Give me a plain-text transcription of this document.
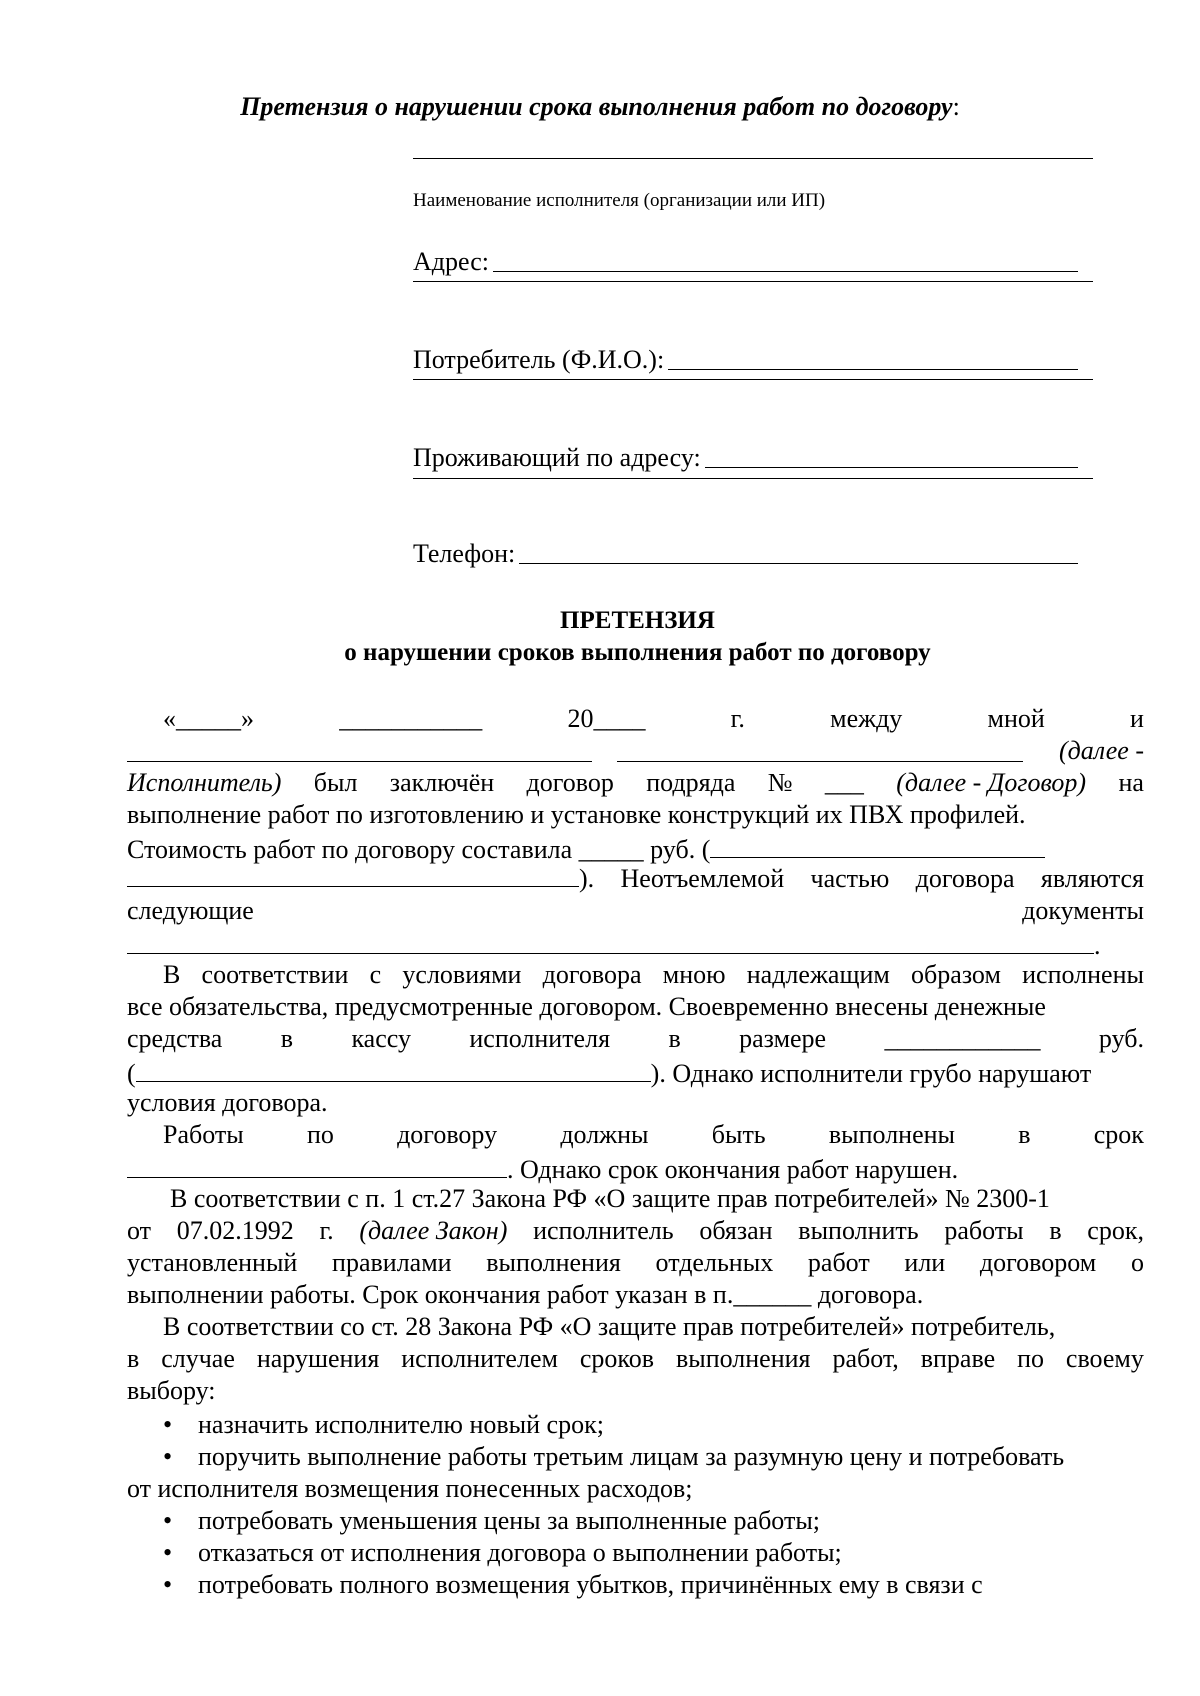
Претензия о нарушении срока выполнения работ по договору:
Наименование исполнителя (организации или ИП)
Адрес:
Потребитель (Ф.И.О.):
Проживающий по адресу:
Телефон:
ПРЕТЕНЗИЯ
о нарушении сроков выполнения работ по договору
«_____»	___________	20____	г.	между	мной	и

(далее -
Исполнитель) был заключён договор подряда № ___ (далее - Договор) на
выполнение работ по изготовлению и установке конструкций их ПВХ профилей.
Стоимость работ по договору составила _____ руб. (
). Неотъемлемой частью договора являются
следующие	документы
.
В соответствии с условиями договора мною надлежащим образом исполнены
все обязательства, предусмотренные договором. Своевременно внесены денежные
средства в кассу исполнителя в размере ____________ руб.
(	). Однако исполнители грубо нарушают
условия договора.
Работы по договору должны быть выполнены в срок
. Однако срок окончания работ нарушен.
В соответствии с п. 1 ст.27 Закона РФ «О защите прав потребителей» № 2300-1
от 07.02.1992 г. (далее Закон) исполнитель обязан выполнить работы в срок,
установленный правилами выполнения отдельных работ или договором о
выполнении работы. Срок окончания работ указан в п.______ договора.
В соответствии со ст. 28 Закона РФ «О защите прав потребителей» потребитель,
в случае нарушения исполнителем сроков выполнения работ, вправе по своему
выбору:
• назначить исполнителю новый срок;
• поручить выполнение работы третьим лицам за разумную цену и потребовать
от исполнителя возмещения понесенных расходов;
• потребовать уменьшения цены за выполненные работы;
• отказаться от исполнения договора о выполнении работы;
• потребовать полного возмещения убытков, причинённых ему в связи с
